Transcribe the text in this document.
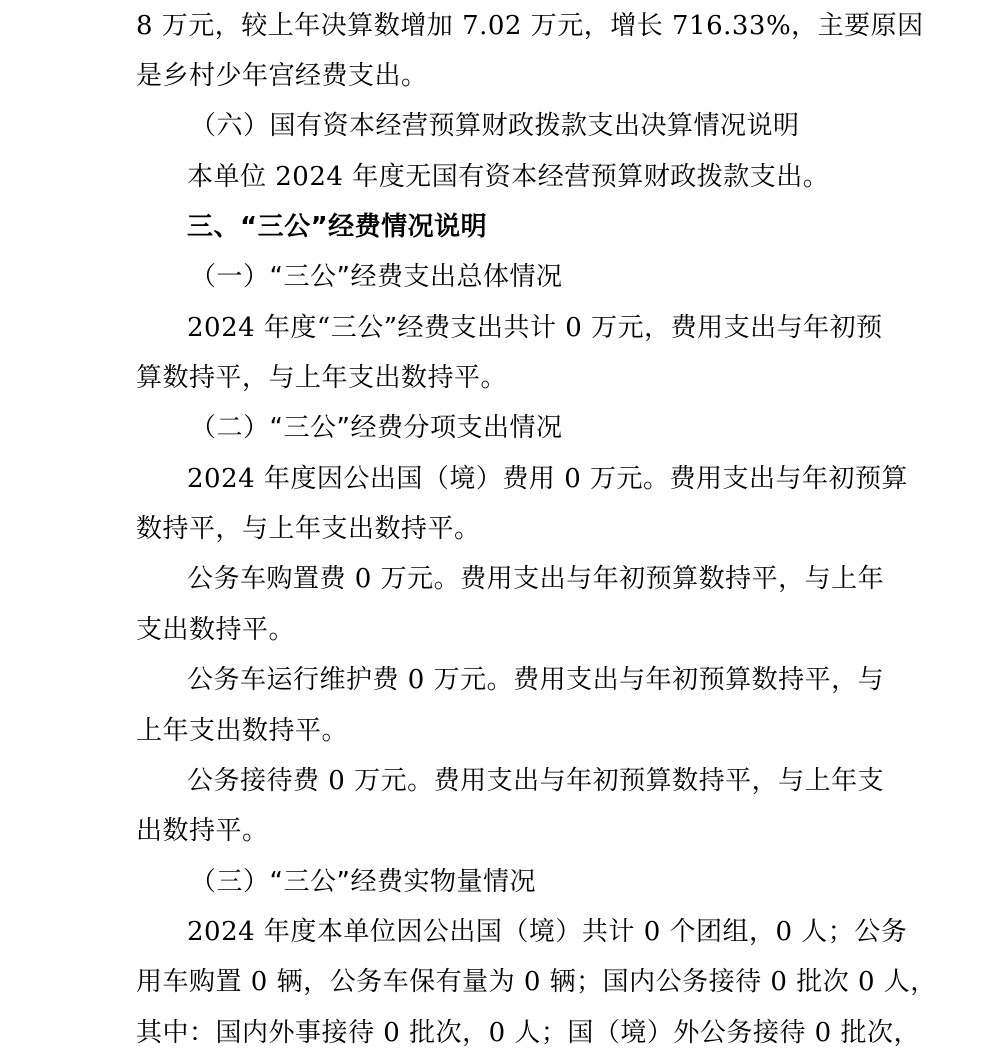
8 万元，较上年决算数增加 7.02 万元，增长 716.33%，主要原因

是乡村少年宫经费支出。

（六）国有资本经营预算财政拨款支出决算情况说明

本单位 2024 年度无国有资本经营预算财政拨款支出。

三、“三公”经费情况说明

（一）“三公”经费支出总体情况

2024 年度“三公”经费支出共计 0 万元，费用支出与年初预

算数持平，与上年支出数持平。

（二）“三公”经费分项支出情况

2024 年度因公出国（境）费用 0 万元。费用支出与年初预算

数持平，与上年支出数持平。

公务车购置费 0 万元。费用支出与年初预算数持平，与上年

支出数持平。

公务车运行维护费 0 万元。费用支出与年初预算数持平，与

上年支出数持平。

公务接待费 0 万元。费用支出与年初预算数持平，与上年支

出数持平。

（三）“三公”经费实物量情况

2024 年度本单位因公出国（境）共计 0 个团组，0 人；公务

用车购置 0 辆，公务车保有量为 0 辆；国内公务接待 0 批次 0 人，

其中：国内外事接待 0 批次，0 人；国（境）外公务接待 0 批次，
